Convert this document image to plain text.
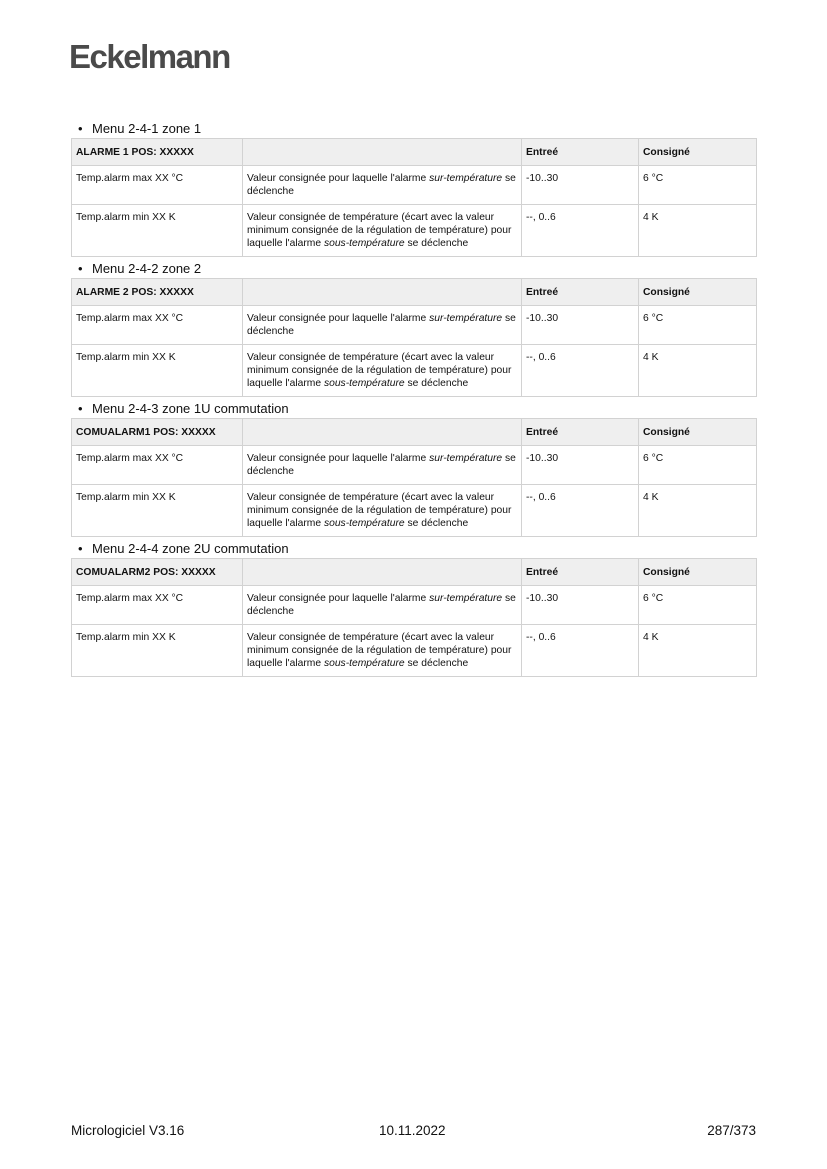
Eckelmann
• Menu 2-4-1 zone 1
ALARME 1 POS: XXXXX		Entreé	Consigné
Temp.alarm max XX °C	Valeur consignée pour laquelle l'alarme sur-température se déclenche	-10..30	6 °C
Temp.alarm min XX K	Valeur consignée de température (écart avec la valeur minimum consignée de la régulation de température) pour laquelle l'alarme sous-température se déclenche	--, 0..6	4 K
• Menu 2-4-2 zone 2
ALARME 2 POS: XXXXX		Entreé	Consigné
Temp.alarm max XX °C	Valeur consignée pour laquelle l'alarme sur-température se déclenche	-10..30	6 °C
Temp.alarm min XX K	Valeur consignée de température (écart avec la valeur minimum consignée de la régulation de température) pour laquelle l'alarme sous-température se déclenche	--, 0..6	4 K
• Menu 2-4-3 zone 1U commutation
COMUALARM1 POS: XXXXX		Entreé	Consigné
Temp.alarm max XX °C	Valeur consignée pour laquelle l'alarme sur-température se déclenche	-10..30	6 °C
Temp.alarm min XX K	Valeur consignée de température (écart avec la valeur minimum consignée de la régulation de température) pour laquelle l'alarme sous-température se déclenche	--, 0..6	4 K
• Menu 2-4-4 zone 2U commutation
COMUALARM2 POS: XXXXX		Entreé	Consigné
Temp.alarm max XX °C	Valeur consignée pour laquelle l'alarme sur-température se déclenche	-10..30	6 °C
Temp.alarm min XX K	Valeur consignée de température (écart avec la valeur minimum consignée de la régulation de température) pour laquelle l'alarme sous-température se déclenche	--, 0..6	4 K
Micrologiciel V3.16	10.11.2022	287/373
